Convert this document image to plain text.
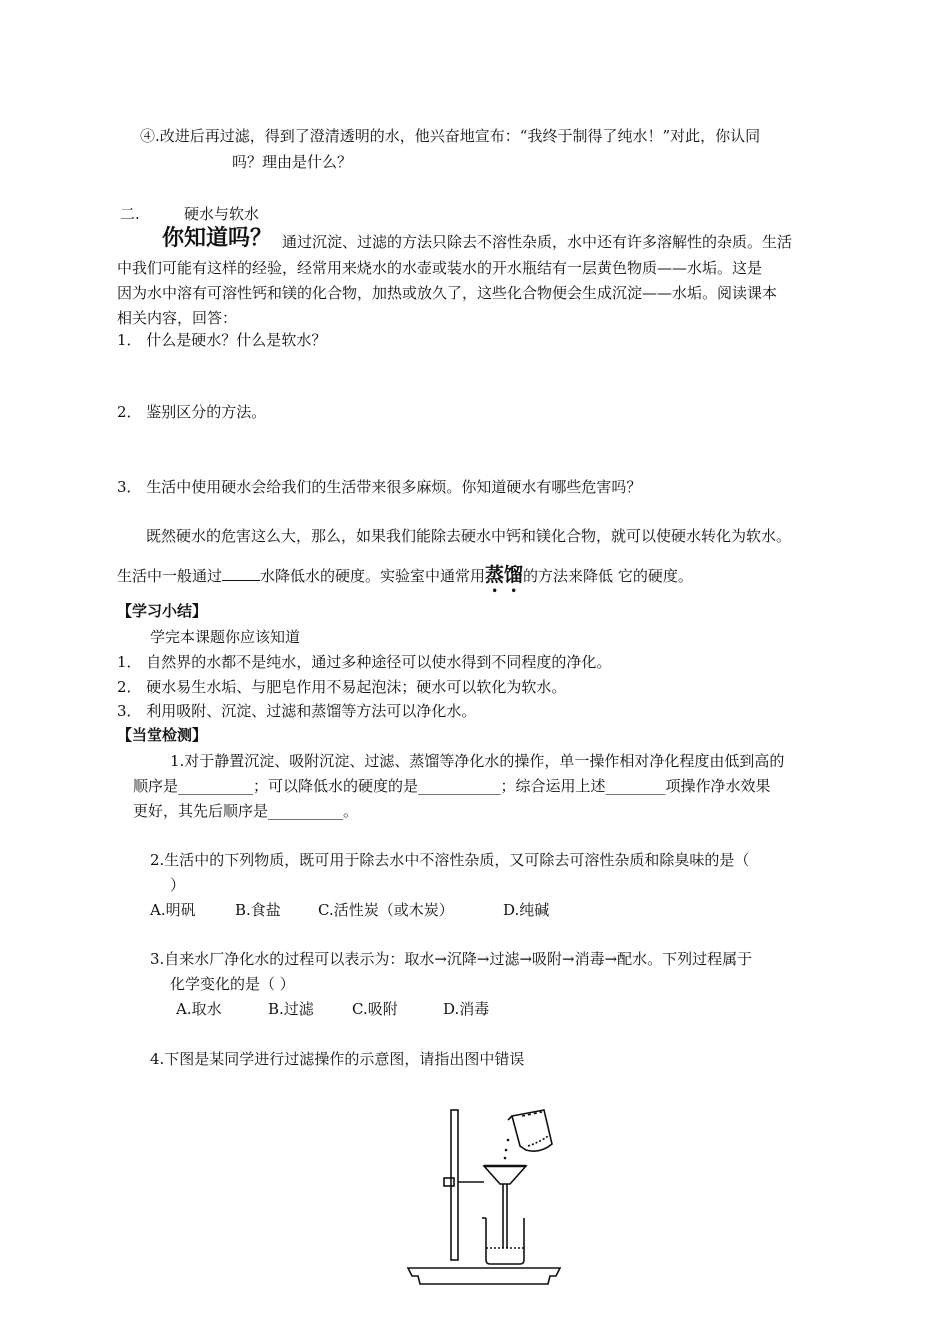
④.改进后再过滤，得到了澄清透明的水，他兴奋地宣布：“我终于制得了纯水！”对此，你认同
吗？理由是什么？
二.	硬水与软水
你知道吗？ 通过沉淀、过滤的方法只除去不溶性杂质，水中还有许多溶解性的杂质。生活
中我们可能有这样的经验，经常用来烧水的水壶或装水的开水瓶结有一层黄色物质——水垢。这是
因为水中溶有可溶性钙和镁的化合物，加热或放久了，这些化合物便会生成沉淀——水垢。阅读课本
相关内容，回答：
1． 什么是硬水？什么是软水？
2． 鉴别区分的方法。
3． 生活中使用硬水会给我们的生活带来很多麻烦。你知道硬水有哪些危害吗？
既然硬水的危害这么大，那么，如果我们能除去硬水中钙和镁化合物，就可以使硬水转化为软水。
生活中一般通过	水降低水的硬度。实验室中通常用蒸馏的方法来降低 它的硬度。
【学习小结】
学完本课题你应该知道
1． 自然界的水都不是纯水，通过多种途径可以使水得到不同程度的净化。
2． 硬水易生水垢、与肥皂作用不易起泡沫；硬水可以软化为软水。
3． 利用吸附、沉淀、过滤和蒸馏等方法可以净化水。
【当堂检测】
1.对于静置沉淀、吸附沉淀、过滤、蒸馏等净化水的操作，单一操作相对净化程度由低到高的
顺序是__________；可以降低水的硬度的是___________；综合运用上述________项操作净水效果
更好，其先后顺序是__________。
2.生活中的下列物质，既可用于除去水中不溶性杂质，又可除去可溶性杂质和除臭味的是（
）
A.明矾	B.食盐 C.活性炭（或木炭）	D.纯碱
3.自来水厂净化水的过程可以表示为：取水→沉降→过滤→吸附→消毒→配水。下列过程属于
化学变化的是（ ）
A.取水	B.过滤	C.吸附	D.消毒
4.下图是某同学进行过滤操作的示意图，请指出图中错误
